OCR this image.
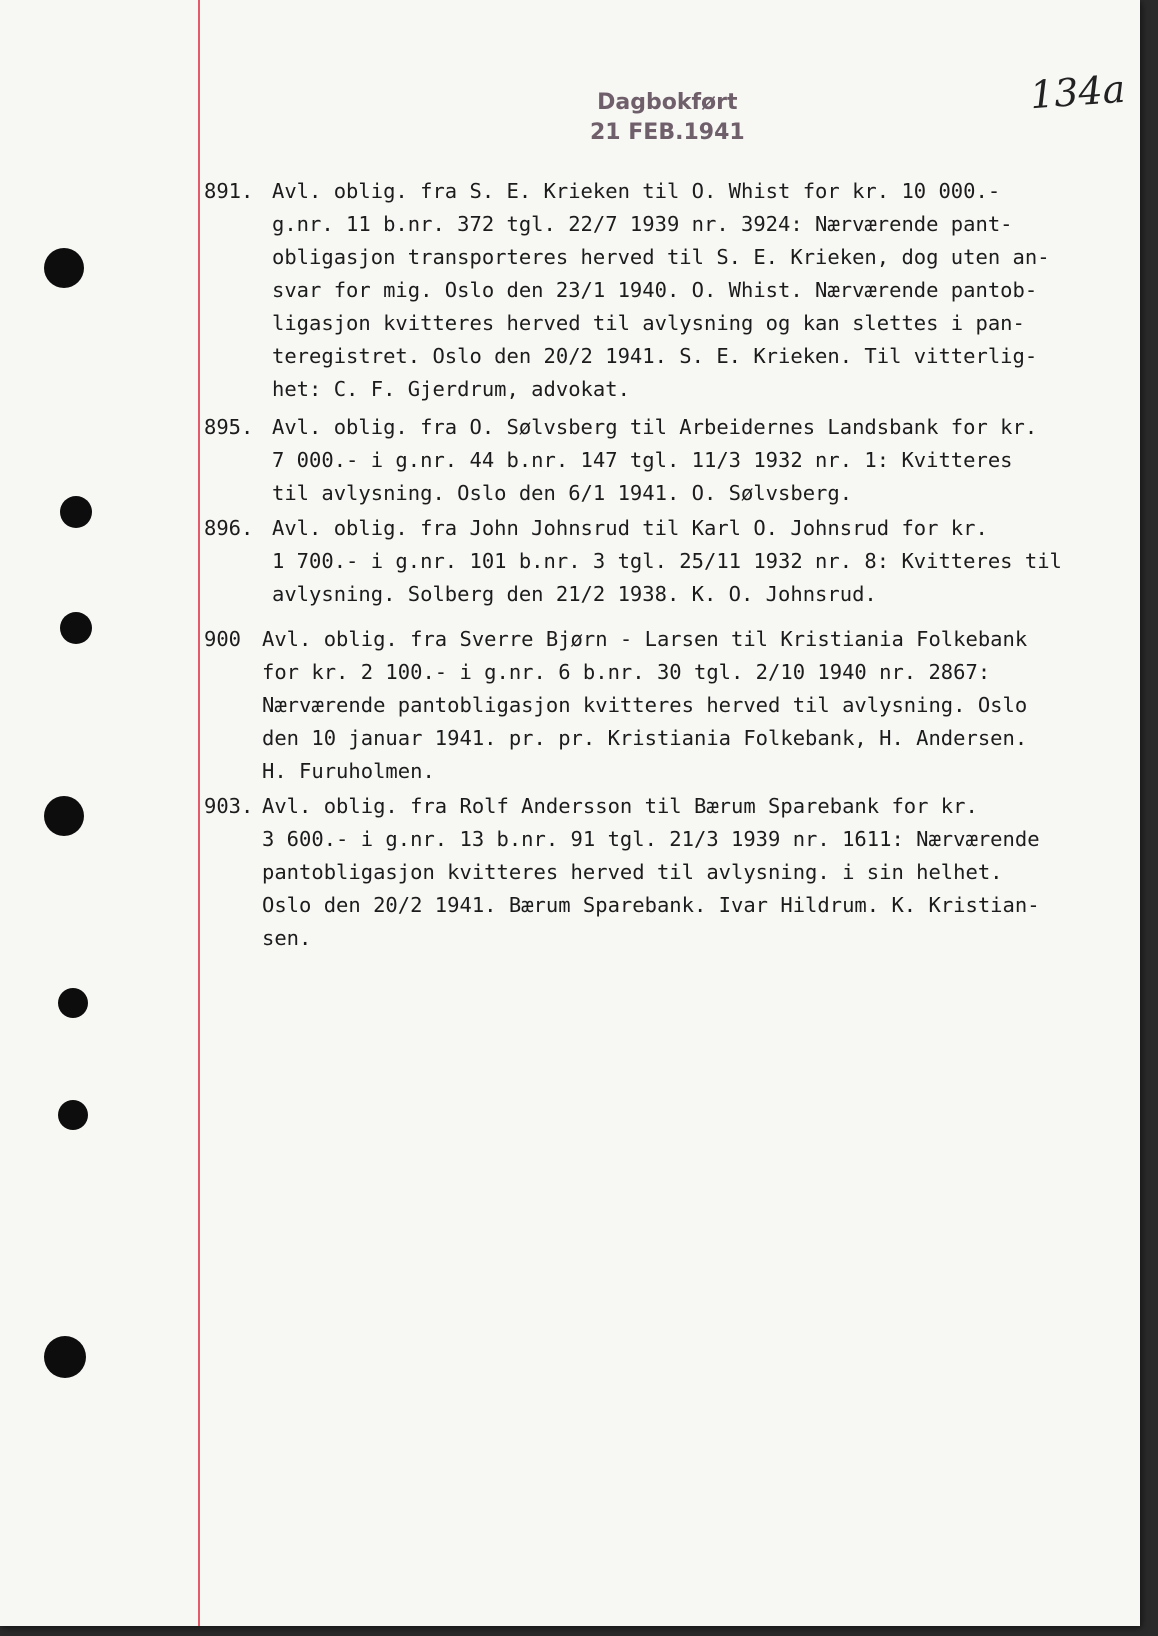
Dagbokført
21 FEB.1941
134a
891. Avl. oblig. fra S. E. Krieken til O. Whist for kr. 10 000.-
g.nr. 11 b.nr. 372 tgl. 22/7 1939 nr. 3924: Nærværende pant-
obligasjon transporteres herved til S. E. Krieken, dog uten an-
svar for mig. Oslo den 23/1 1940. O. Whist. Nærværende pantob-
ligasjon kvitteres herved til avlysning og kan slettes i pan-
teregistret. Oslo den 20/2 1941. S. E. Krieken. Til vitterlig-
het: C. F. Gjerdrum, advokat.
895. Avl. oblig. fra O. Sølvsberg til Arbeidernes Landsbank for kr.
7 000.- i g.nr. 44 b.nr. 147 tgl. 11/3 1932 nr. 1: Kvitteres
til avlysning. Oslo den 6/1 1941. O. Sølvsberg.
896. Avl. oblig. fra John Johnsrud til Karl O. Johnsrud for kr.
1 700.- i g.nr. 101 b.nr. 3 tgl. 25/11 1932 nr. 8: Kvitteres til
avlysning. Solberg den 21/2 1938. K. O. Johnsrud.
900 Avl. oblig. fra Sverre Bjørn - Larsen til Kristiania Folkebank
for kr. 2 100.- i g.nr. 6 b.nr. 30 tgl. 2/10 1940 nr. 2867:
Nærværende pantobligasjon kvitteres herved til avlysning. Oslo
den 10 januar 1941. pr. pr. Kristiania Folkebank, H. Andersen.
H. Furuholmen.
903. Avl. oblig. fra Rolf Andersson til Bærum Sparebank for kr.
3 600.- i g.nr. 13 b.nr. 91 tgl. 21/3 1939 nr. 1611: Nærværende
pantobligasjon kvitteres herved til avlysning. i sin helhet.
Oslo den 20/2 1941. Bærum Sparebank. Ivar Hildrum. K. Kristian-
sen.
